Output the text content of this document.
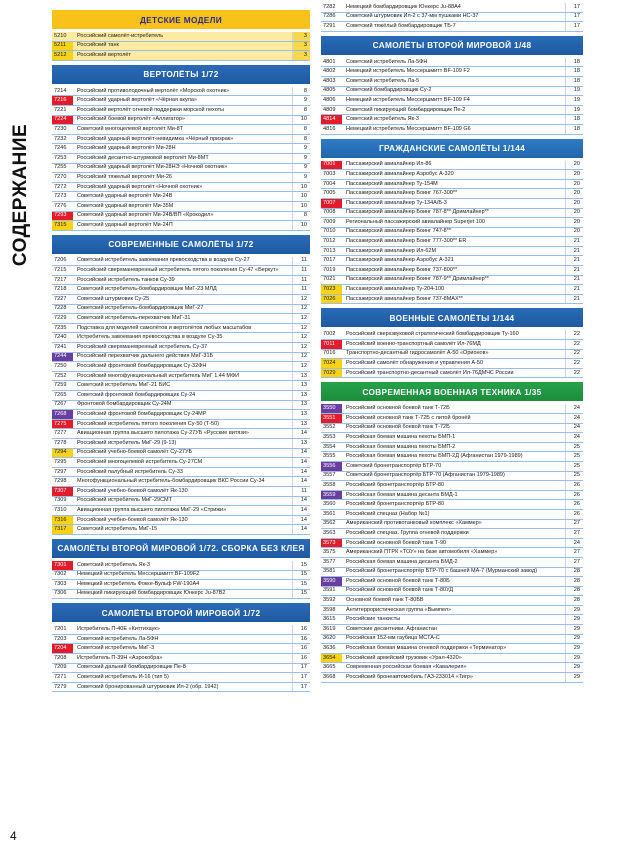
СОДЕРЖАНИЕ
4
ДЕТСКИЕ МОДЕЛИ
5210	Российский самолёт-истребитель	3
5211	Российский танк	3
5212	Российский вертолёт	3
ВЕРТОЛЁТЫ 1/72
7214	Российский противолодочный вертолёт «Морской охотник»	8
7216	Российский ударный вертолёт «Чёрная акула»	9
7221	Российский вертолёт огневой поддержки морской пехоты	8
7224	Российский боевой вертолёт «Аллигатор»	10
7230	Советский многоцелевой вертолёт Ми-8Т	8
7232	Российский ударный вертолёт-невидимка «Чёрный призрак»	8
7246	Российский ударный вертолёт Ми-28Н	9
7253	Российский десантно-штурмовой вертолёт Ми-8МТ	9
7255	Российский ударный вертолёт Ми-28НЭ «Ночной охотник»	9
7270	Российский тяжелый вертолёт Ми-26	9
7272	Российский ударный вертолёт «Ночной охотник»	10
7273	Советский ударный вертолёт Ми-24В	10
7276	Советский ударный вертолёт Ми-35М	10
7293	Советский ударный вертолёт Ми-24В/ВП «Крокодил»	8
7315	Советский ударный вертолёт Ми-24П	10
СОВРЕМЕННЫЕ САМОЛЁТЫ 1/72
7206	Советский истребитель завоевания превосходства в воздухе Су-27	11
7215	Российский сверхманевренный истребитель пятого поколения Су-47 «Беркут»	11
7217	Российский истребитель танков Су-39	11
7218	Советский истребитель-бомбардировщик МиГ-23 МЛД	11
7227	Советский штурмовик Су-25	12
7228	Советский истребитель-бомбардировщик МиГ-27	12
7229	Советский истребитель-перехватчик МиГ-31	12
7235	Подставка для моделей самолётов и вертолётов любых масштабов	12
7240	Истребитель завоевания превосходства в воздухе Су-35	12
7241	Российский сверхманевренный истребитель Су-37	12
7244	Российский перехватчик дальнего действия МиГ-31Б	12
7250	Российский фронтовой бомбардировщик Су-32ФН	12
7252	Российский многофункциональный истребитель МиГ 1.44 МФИ	13
7259	Советский истребитель МиГ-21 БИС	13
7265	Советский фронтовой бомбардировщик Су-24	13
7267	Фронтовой бомбардировщик Су-24М	13
7268	Российский фронтовой бомбардировщик Су-24МР	13
7275	Российский истребитель пятого поколения Су-50 (Т-50)	13
7277	Авиационная группа высшего пилотажа Су-27УБ «Русские витязи»	14
7278	Российский истребитель МиГ-29 (9-13)	13
7294	Российский учебно-боевой самолёт Су-27УБ	14
7295	Российский многоцелевой истребитель Су-27СМ	14
7297	Российский палубный истребитель Су-33	14
7298	Многофункциональный истребитель-бомбардировщик ВКС России Су-34	14
7307	Российский учебно-боевой самолёт Як-130	11
7309	Российский истребитель МиГ-29СМТ	14
7310	Авиационная группа высшего пилотажа МиГ-29 «Стрижи»	14
7316	Российский учебно-боевой самолёт Як-130	14
7317	Советский истребитель МиГ-15	14
САМОЛЁТЫ ВТОРОЙ МИРОВОЙ 1/72. СБОРКА БЕЗ КЛЕЯ
7301	Советский истребитель Як-3	15
7302	Немецкий истребитель Мессершмитт BF-109F2	15
7303	Немецкий истребитель Фокке-Вульф FW-190А4	15
7306	Немецкий пикирующий бомбардировщик Юнкерс Ju-87B2	15
САМОЛЁТЫ ВТОРОЙ МИРОВОЙ 1/72
7201	Истребитель П-40Е «Киттихаук»	16
7203	Советский истребитель Ла-5ФН	16
7204	Советский истребитель МиГ-3	16
7208	Истребитель П-39Н «Аэрокобра»	16
7209	Советский дальний бомбардировщик Пе-8	17
7271	Советский истребитель И-16 (тип 5)	17
7279	Советский бронированный штурмовик Ил-2 (обр. 1942)	17
7282	Немецкий бомбардировщик Юнкерс Ju-88A4	17
7286	Советский штурмовик Ил-2 с 37-мм пушками НС-37	17
7291	Советский тяжёлый бомбардировщик ТБ-7	17
САМОЛЁТЫ ВТОРОЙ МИРОВОЙ 1/48
4801	Советский истребитель Ла-5ФН	18
4802	Немецкий истребитель Мессершмитт BF-109 F2	18
4803	Советский истребитель Ла-5	18
4805	Советский бомбардировщик Су-2	19
4806	Немецкий истребитель Мессершмитт BF-109 F4	19
4809	Советский пикирующий бомбардировщик Пе-2	19
4814	Советский истребитель Як-3	18
4816	Немецкий истребитель Мессершмитт BF-109 G6	18
ГРАЖДАНСКИЕ САМОЛЁТЫ 1/144
7001	Пассажирский авиалайнер Ил-86	20
7003	Пассажирский авиалайнер Аэробус А-320	20
7004	Пассажирский авиалайнер Ту-154М	20
7005	Пассажирский авиалайнер Боинг 767-300**	20
7007	Пассажирский авиалайнер Ту-134А/Б-3	20
7008	Пассажирский авиалайнер Боинг 787-8** Дримлайнер**	20
7009	Региональный пассажирский авиалайнер Superjet 100	20
7010	Пассажирский авиалайнер Боинг 747-8**	20
7012	Пассажирский авиалайнер Боинг 777-300** ER	21
7013	Пассажирский авиалайнер Ил-62М	21
7017	Пассажирский авиалайнер Аэробус А-321	21
7019	Пассажирский авиалайнер Боинг 737-800**	21
7021	Пассажирский авиалайнер Боинг 787-9** Дримлайнер**	21
7023	Пассажирский авиалайнер Ту-204-100	21
7026	Пассажирский авиалайнер Боинг 737-8MAX**	21
ВОЕННЫЕ САМОЛЁТЫ 1/144
7002	Российский сверхзвуковой стратегический бомбардировщик Ту-160	22
7011	Российский военно-транспортный самолёт Ил-76МД	22
7016	Транспортно-десантный гидросамолёт А-50 «Орионов»	22
7024	Российский самолёт обнаружения и управления А-50	22
7029	Российский транспортно-десантный самолёт Ил-76ДМЧС России	22
СОВРЕМЕННАЯ ВОЕННАЯ ТЕХНИКА 1/35
3550	Российский основной боевой танк Т-72Б	24
3551	Российский основной танк Т-72Б с литой бронёй	24
3552	Российский основной боевой танк Т-72Б	24
3553	Российская боевая машина пехоты БМП-1	24
3554	Российская боевая машина пехоты БМП-2	25
3555	Российская боевая машина пехоты БМП-2Д (Афганистан 1979-1989)	25
3556	Советский бронетранспортёр БТР-70	25
3557	Советский бронетранспортёр БТР-70 (Афганистан 1979-1989)	25
3558	Российский бронетранспортёр БТР-80	26
3559	Российская боевая машина десанта БМД-1	26
3560	Российский бронетранспортёр БТР-80	26
3561	Российский спецназ (Набор №1)	26
3562	Американский противотанковый комплекс «Хаммер»	27
3563	Российский спецназ. Группа огневой поддержки	27
3573	Российский основной боевой танк Т-90	24
3575	Американский ПТРК «ТОУ» на базе автомобиля «Хаммер»	27
3577	Российская боевая машина десанта БМД-2	27
3581	Российский бронетранспортёр БТР-70 с башней МА-7 (Мурманский завод)	28
3590	Российский основной боевой танк Т-80Б	28
3591	Российский основной боевой танк Т-80УД	28
3592	Основной боевой танк Т-80БВ	28
3598	Антитеррористическая группа «Вымпел»	29
3615	Российские танкисты	29
3619	Советские десантники. Афганистан	29
3620	Российская 152-мм гаубица МСТА-С	29
3636	Российская боевая машина огневой поддержки «Терминатор»	29
3654	Российский армейский грузовик «Урал-4320»	29
3665	Современная российская боевая «Кавалерия»	29
3668	Российский бронеавтомобиль ГАЗ-233014 «Тигр»	29
